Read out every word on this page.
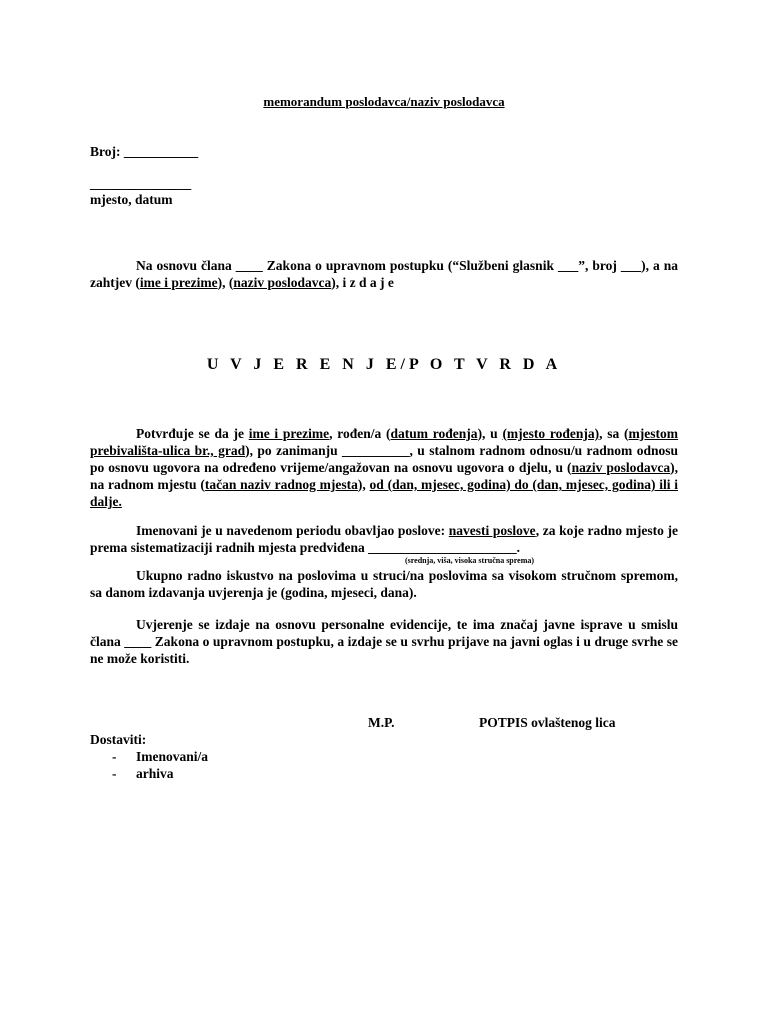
memorandum poslodavca/naziv poslodavca
Broj: ___________
_______________
mjesto, datum
Na osnovu člana ____ Zakona o upravnom postupku (“Službeni glasnik ___”, broj ___), a na zahtjev (ime i prezime), (naziv poslodavca), i z d a j e
U V J E R E N J E/P O T V R D A
Potvrđuje se da je ime i prezime, rođen/a (datum rođenja), u (mjesto rođenja), sa (mjestom prebivališta-ulica br., grad), po zanimanju __________, u stalnom radnom odnosu/u radnom odnosu po osnovu ugovora na određeno vrijeme/angažovan na osnovu ugovora o djelu, u (naziv poslodavca), na radnom mjestu (tačan naziv radnog mjesta), od (dan, mjesec, godina) do (dan, mjesec, godina) ili i dalje.
Imenovani je u navedenom periodu obavljao poslove: navesti poslove, za koje radno mjesto je prema sistematizaciji radnih mjesta predviđena ______________________.
(srednja, viša, visoka stručna sprema)
Ukupno radno iskustvo na poslovima u struci/na poslovima sa visokom stručnom spremom, sa danom izdavanja uvjerenja je (godina, mjeseci, dana).
Uvjerenje se izdaje na osnovu personalne evidencije, te ima značaj javne isprave u smislu člana ____ Zakona o upravnom postupku, a izdaje se u svrhu prijave na javni oglas i u druge svrhe se ne može koristiti.
M.P.	POTPIS ovlaštenog lica
Dostaviti:
- Imenovani/a
- arhiva
